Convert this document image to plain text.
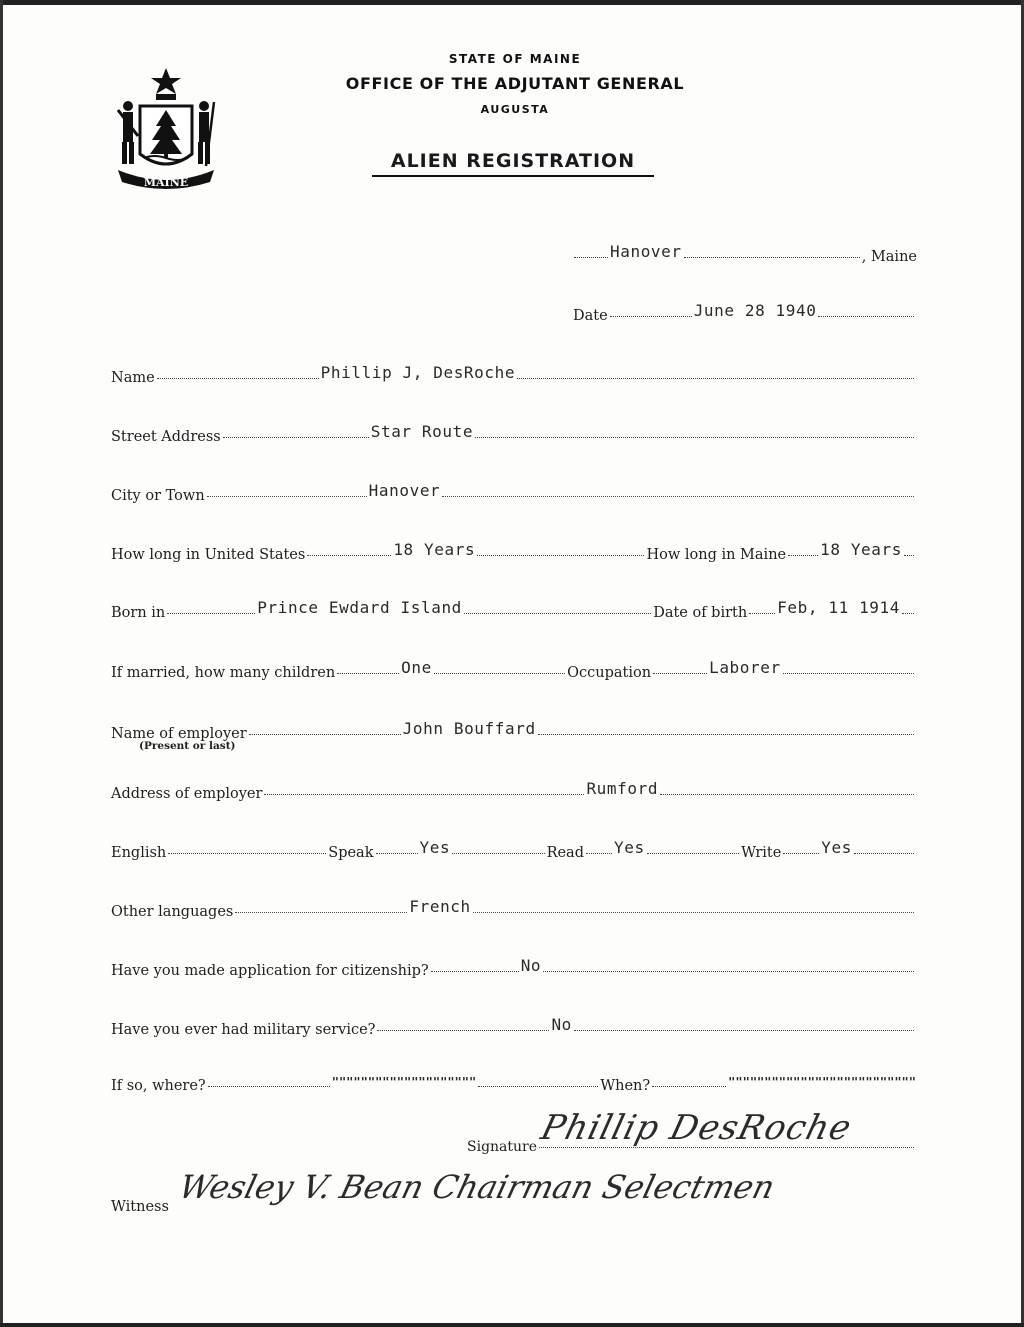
MAINE
STATE OF MAINE
OFFICE OF THE ADJUTANT GENERAL
AUGUSTA
ALIEN REGISTRATION
Hanover	, Maine
Date	June 28 1940
Name	Phillip J, DesRoche
Street Address	Star Route
City or Town	Hanover
How long in United States	18 Years	How long in Maine 18 Years
Born in	Prince Ewdard Island	Date of birth Feb, 11 1914
If married, how many children	One	Occupation	Laborer
Name of employer	John Bouffard
(Present or last)
Address of employer	Rumford
English	Speak	Yes	Read Yes	Write	Yes
Other languages	French
Have you made application for citizenship?	No
Have you ever had military service?	No
If so, where?	""""""""""""""""""""	When?	""""""""""""""""""""""""""
Signature Phillip DesRoche
Witness
Wesley V. Bean Chairman Selectmen
